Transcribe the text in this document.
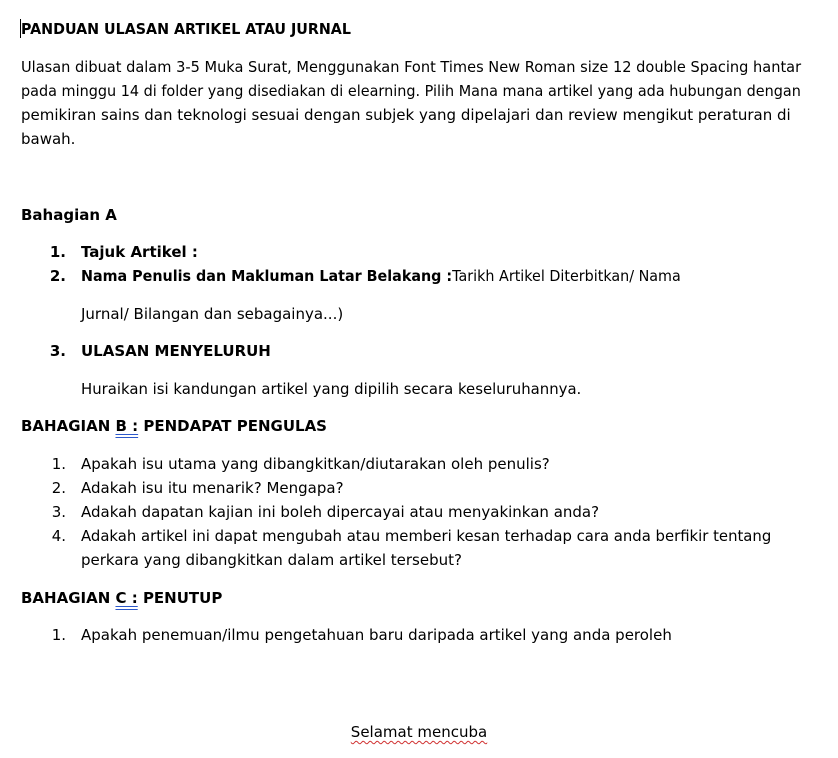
PANDUAN ULASAN ARTIKEL ATAU JURNAL
Ulasan dibuat dalam 3-5 Muka Surat, Menggunakan Font Times New Roman size 12 double Spacing hantar
pada minggu 14 di folder yang disediakan di elearning. Pilih Mana mana artikel yang ada hubungan dengan
pemikiran sains dan teknologi sesuai dengan subjek yang dipelajari dan review mengikut peraturan di
bawah.
Bahagian A
1. Tajuk Artikel :
2. Nama Penulis dan Makluman Latar Belakang :Tarikh Artikel Diterbitkan/ Nama
Jurnal/ Bilangan dan sebagainya...)
3. ULASAN MENYELURUH
Huraikan isi kandungan artikel yang dipilih secara keseluruhannya.
BAHAGIAN B : PENDAPAT PENGULAS
1. Apakah isu utama yang dibangkitkan/diutarakan oleh penulis?
2. Adakah isu itu menarik? Mengapa?
3. Adakah dapatan kajian ini boleh dipercayai atau menyakinkan anda?
4. Adakah artikel ini dapat mengubah atau memberi kesan terhadap cara anda berfikir tentang
perkara yang dibangkitkan dalam artikel tersebut?
BAHAGIAN C : PENUTUP
1. Apakah penemuan/ilmu pengetahuan baru daripada artikel yang anda peroleh
Selamat mencuba
